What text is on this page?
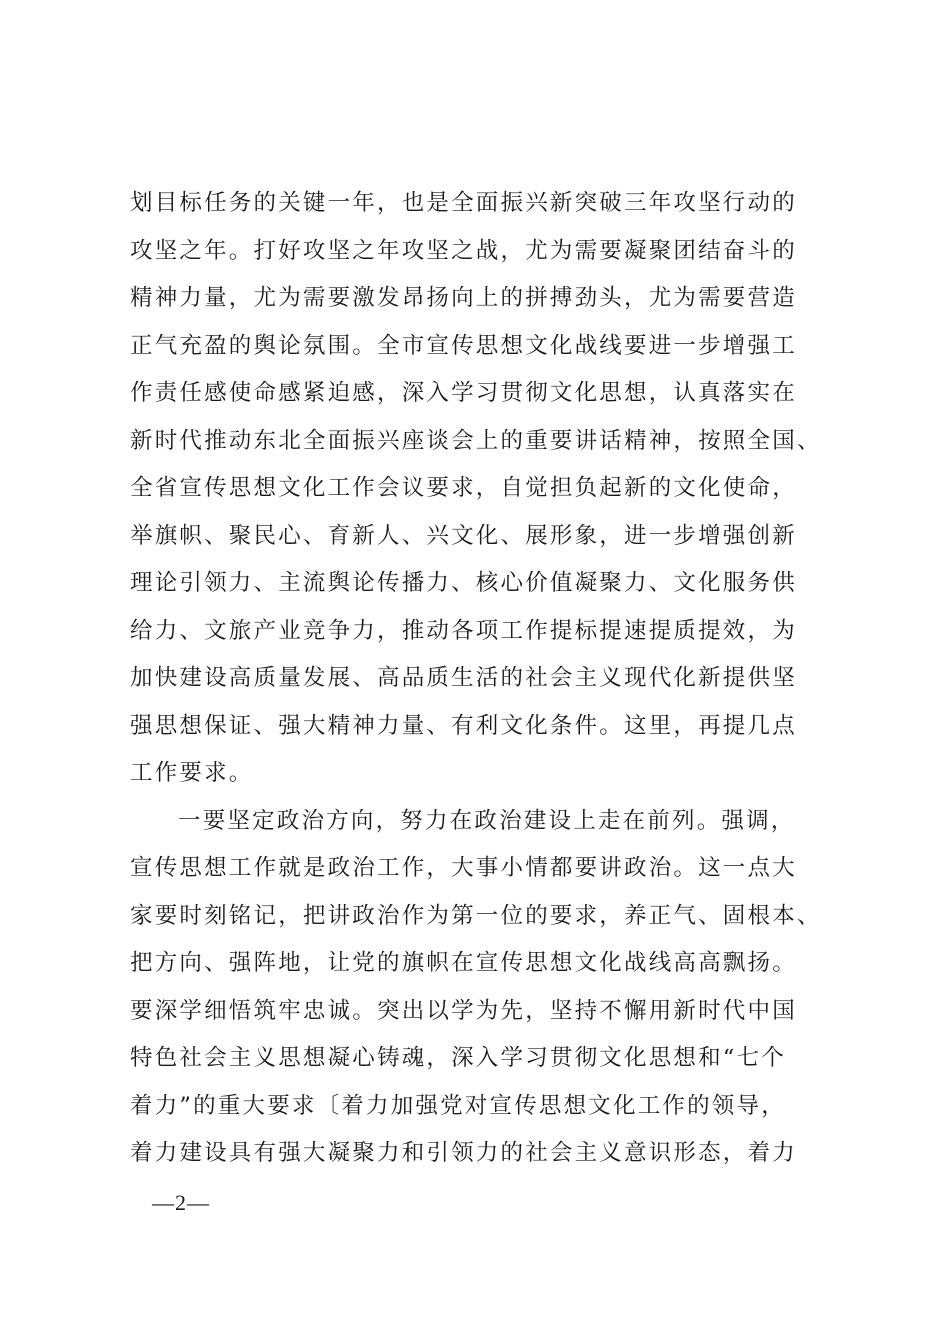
划目标任务的关键一年，也是全面振兴新突破三年攻坚行动的
攻坚之年。打好攻坚之年攻坚之战，尤为需要凝聚团结奋斗的
精神力量，尤为需要激发昂扬向上的拼搏劲头，尤为需要营造
正气充盈的舆论氛围。全市宣传思想文化战线要进一步增强工
作责任感使命感紧迫感，深入学习贯彻文化思想，认真落实在
新时代推动东北全面振兴座谈会上的重要讲话精神，按照全国、
全省宣传思想文化工作会议要求，自觉担负起新的文化使命，
举旗帜、聚民心、育新人、兴文化、展形象，进一步增强创新
理论引领力、主流舆论传播力、核心价值凝聚力、文化服务供
给力、文旅产业竞争力，推动各项工作提标提速提质提效，为
加快建设高质量发展、高品质生活的社会主义现代化新提供坚
强思想保证、强大精神力量、有利文化条件。这里，再提几点
工作要求。
一要坚定政治方向，努力在政治建设上走在前列。强调，
宣传思想工作就是政治工作，大事小情都要讲政治。这一点大
家要时刻铭记，把讲政治作为第一位的要求，养正气、固根本、
把方向、强阵地，让党的旗帜在宣传思想文化战线高高飘扬。
要深学细悟筑牢忠诚。突出以学为先，坚持不懈用新时代中国
特色社会主义思想凝心铸魂，深入学习贯彻文化思想和“七个
着力”的重大要求〔着力加强党对宣传思想文化工作的领导，
着力建设具有强大凝聚力和引领力的社会主义意识形态，着力
—2—
